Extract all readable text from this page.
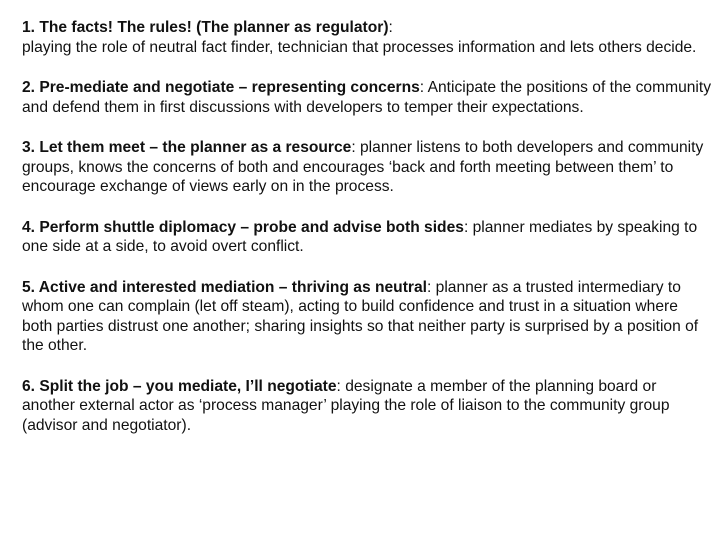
1. The facts! The rules! (The planner as regulator):
playing the role of neutral fact finder, technician that processes information and lets others decide.

2. Pre-mediate and negotiate – representing concerns: Anticipate the positions of the community and defend them in first discussions with developers to temper their expectations.

3. Let them meet – the planner as a resource: planner listens to both developers and community groups, knows the concerns of both and encourages ‘back and forth meeting between them’ to encourage exchange of views early on in the process.

4. Perform shuttle diplomacy – probe and advise both sides: planner mediates by speaking to one side at a side, to avoid overt conflict.

5. Active and interested mediation – thriving as neutral: planner as a trusted intermediary to whom one can complain (let off steam), acting to build confidence and trust in a situation where both parties distrust one another; sharing insights so that neither party is surprised by a position of the other.

6. Split the job – you mediate, I’ll negotiate: designate a member of the planning board or another external actor as ‘process manager’ playing the role of liaison to the community group (advisor and negotiator).
